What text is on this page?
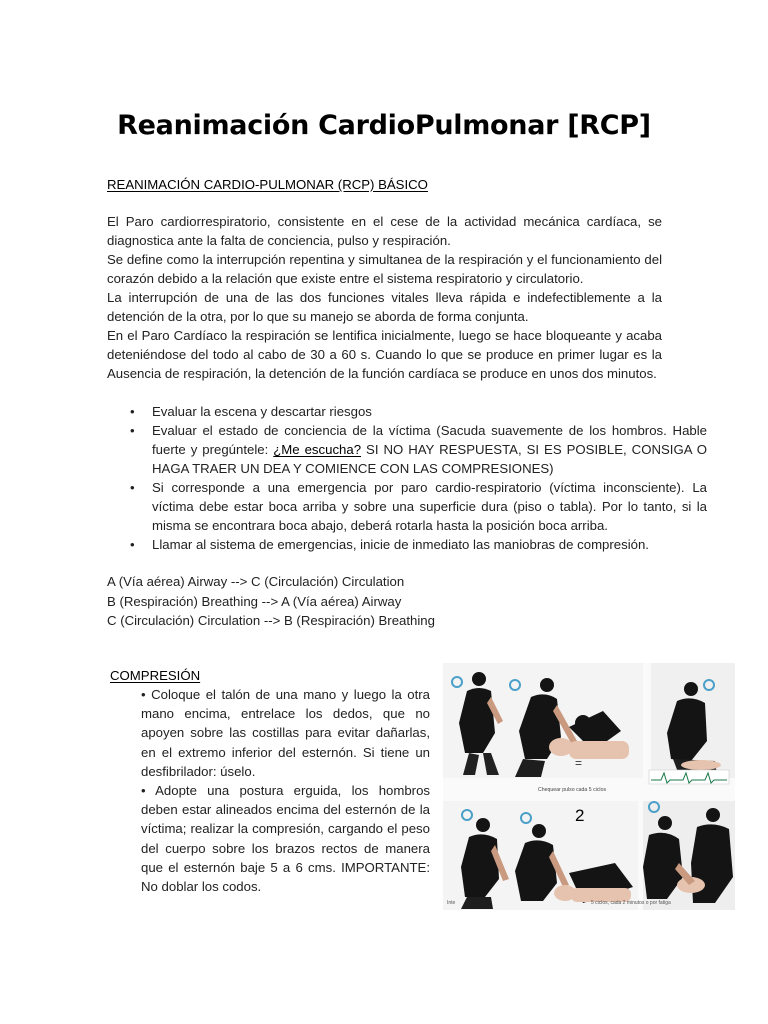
Reanimación CardioPulmonar [RCP]
REANIMACIÓN CARDIO-PULMONAR (RCP) BÁSICO

El Paro cardiorrespiratorio, consistente en el cese de la actividad mecánica cardíaca, se diagnostica ante la falta de conciencia, pulso y respiración.

Se define como la interrupción repentina y simultanea de la respiración y el funcionamiento del corazón debido a la relación que existe entre el sistema respiratorio y circulatorio.

La interrupción de una de las dos funciones vitales lleva rápida e indefectiblemente a la detención de la otra, por lo que su manejo se aborda de forma conjunta.

En el Paro Cardíaco la respiración se lentifica inicialmente, luego se hace bloqueante y acaba deteniéndose del todo al cabo de 30 a 60 s. Cuando lo que se produce en primer lugar es la Ausencia de respiración, la detención de la función cardíaca se produce en unos dos minutos.

• Evaluar la escena y descartar riesgos
• Evaluar el estado de conciencia de la víctima (Sacuda suavemente de los hombros. Hable fuerte y pregúntele: ¿Me escucha? SI NO HAY RESPUESTA, SI ES POSIBLE, CONSIGA O HAGA TRAER UN DEA Y COMIENCE CON LAS COMPRESIONES)
• Si corresponde a una emergencia por paro cardio-respiratorio (víctima inconsciente). La víctima debe estar boca arriba y sobre una superficie dura (piso o tabla). Por lo tanto, si la misma se encontrara boca abajo, deberá rotarla hasta la posición boca arriba.
• Llamar al sistema de emergencias, inicie de inmediato las maniobras de compresión.
A (Vía aérea) Airway --> C (Circulación) Circulation
B (Respiración) Breathing --> A (Vía aérea) Airway
C (Circulación) Circulation --> B (Respiración) Breathing
COMPRESIÓN

• Coloque el talón de una mano y luego la otra mano encima, entrelace los dedos, que no apoyen sobre las costillas para evitar dañarlas, en el extremo inferior del esternón. Si tiene un desfibrilador: úselo.

• Adopte una postura erguida, los hombros deben estar alineados encima del esternón de la víctima; realizar la compresión, cargando el peso del cuerpo sobre los brazos rectos de manera que el esternón baje 5 a 6 cms. IMPORTANTE: No doblar los codos.

=
Chequear pulso cada 5 ciclos
2
Inte	5 ciclos, cada 2 minutos o por fatiga
